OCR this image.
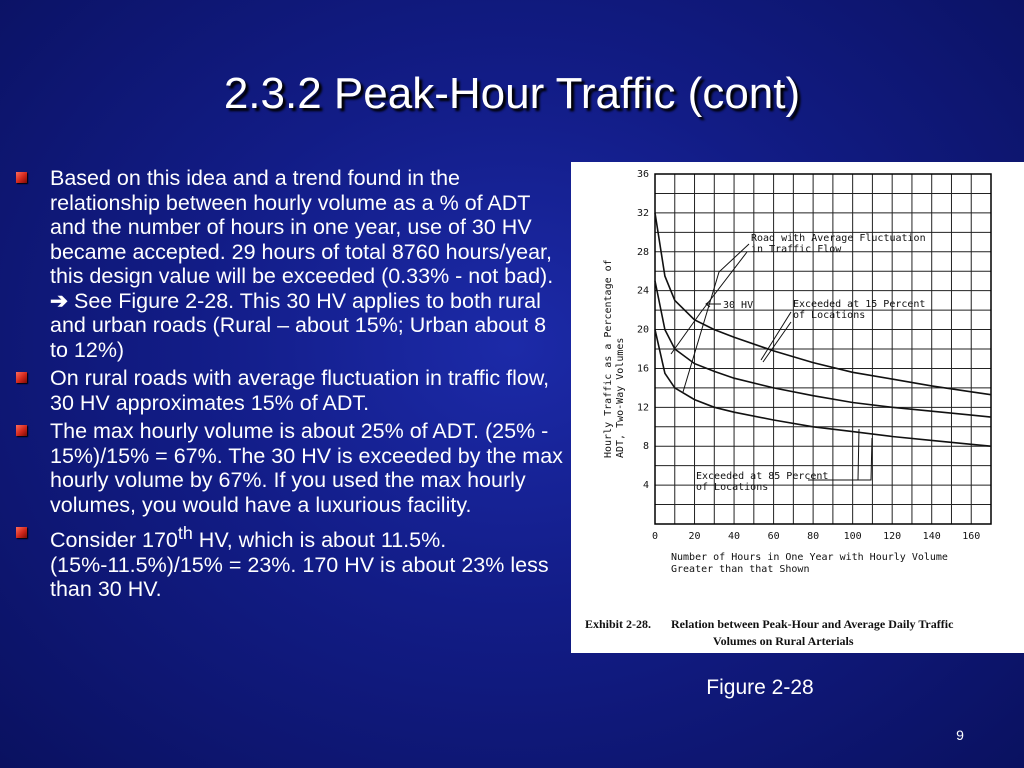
2.3.2 Peak-Hour Traffic (cont)
Based on this idea and a trend found in the relationship between hourly volume as a % of ADT and the number of hours in one year, use of 30 HV became accepted. 29 hours of total 8760 hours/year, this design value will be exceeded (0.33% - not bad). ➔ See Figure 2-28. This 30 HV applies to both rural and urban roads (Rural – about 15%; Urban about 8 to 12%)
On rural roads with average fluctuation in traffic flow, 30 HV approximates 15% of ADT.
The max hourly volume is about 25% of ADT. (25% - 15%)/15% = 67%. The 30 HV is exceeded by the max hourly volume by 67%. If you used the max hourly volumes, you would have a luxurious facility.
Consider 170th HV, which is about 11.5%. (15%-11.5%)/15% = 23%. 170 HV is about 23% less than 30 HV.
0	20	40	60	80 100 120 140 160
4
8
12
16
20
24
28
32
36
Road with Average Fluctuation
in Traffic Flow
30 HV	Exceeded at 15 Percent
of Locations
Exceeded at 85 Percent
of Locations
Number of Hours in One Year with Hourly Volume
Greater than that Shown
Hourly Traffic as a Percentage of ADT, Two-Way Volumes
Exhibit 2-28. Relation between Peak-Hour and Average Daily Traffic
Volumes on Rural Arterials
Figure 2-28
9
